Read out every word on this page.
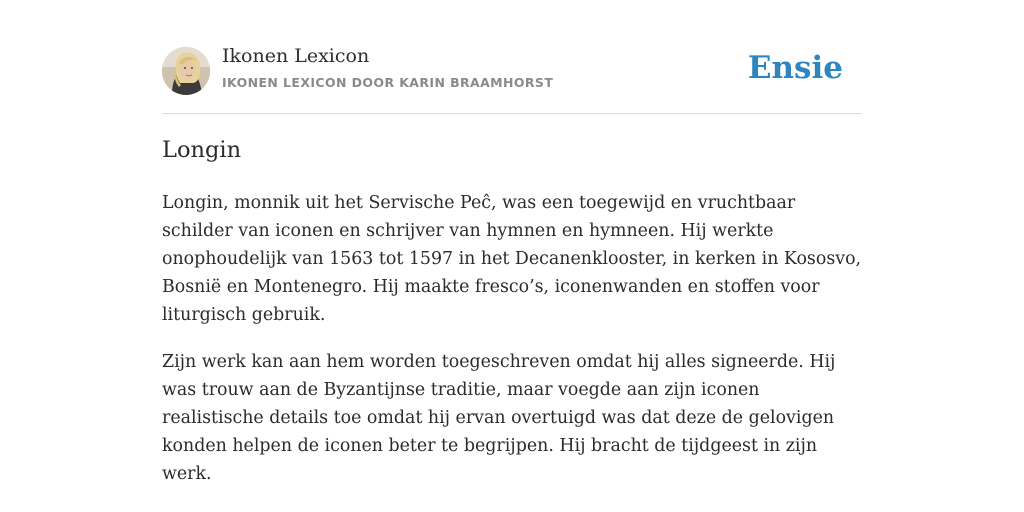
Ikonen Lexicon
IKONEN LEXICON DOOR KARIN BRAAMHORST	Ensie
Longin

Longin, monnik uit het Servische Peĉ, was een toegewijd en vruchtbaar schilder van iconen en schrijver van hymnen en hymneen. Hij werkte onophoudelijk van 1563 tot 1597 in het Decanenklooster, in kerken in Kososvo, Bosnië en Montenegro. Hij maakte fresco’s, iconenwanden en stoffen voor liturgisch gebruik.

Zijn werk kan aan hem worden toegeschreven omdat hij alles signeerde. Hij was trouw aan de Byzantijnse traditie, maar voegde aan zijn iconen realistische details toe omdat hij ervan overtuigd was dat deze de gelovigen konden helpen de iconen beter te begrijpen. Hij bracht de tijdgeest in zijn werk.
